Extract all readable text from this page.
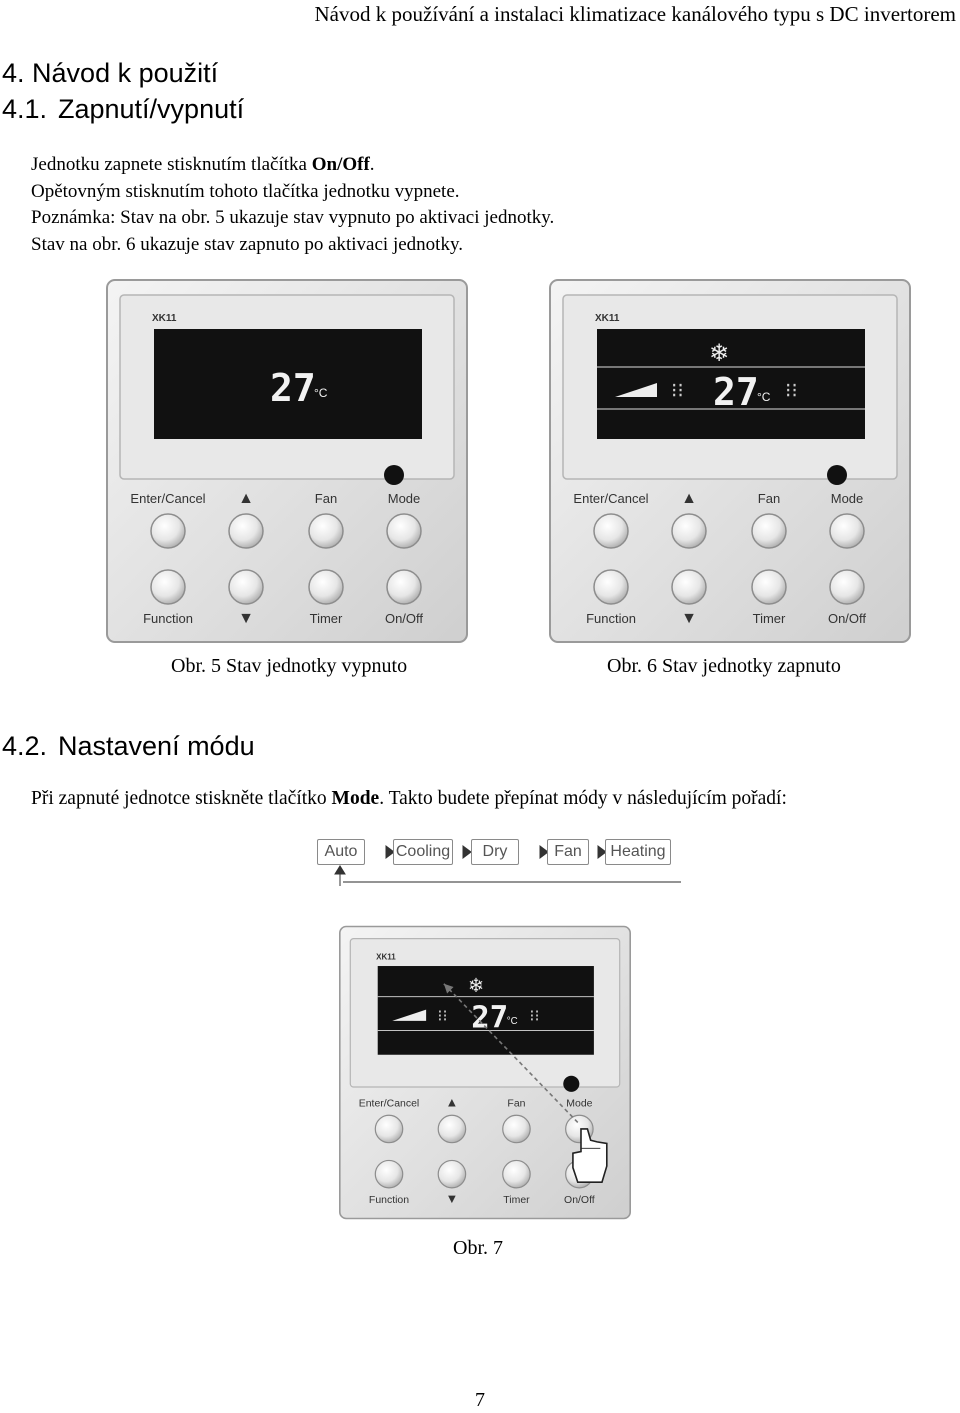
Návod k používání a instalaci klimatizace kanálového typu s DC invertorem
4. Návod k použití
4.1. Zapnutí/vypnutí
Jednotku zapnete stisknutím tlačítka On/Off.
Opětovným stisknutím tohoto tlačítka jednotku vypnete.
Poznámka: Stav na obr. 5 ukazuje stav vypnuto po aktivaci jednotky.
Stav na obr. 6 ukazuje stav zapnuto po aktivaci jednotky.
XK11
27
°C
Enter/Cancel ▲	Fan	Mode
Function	▼	Timer	On/Off
XK11
❄
⁝⁝	⁝⁝
27
°C
Enter/Cancel ▲	Fan	Mode
Function	▼	Timer	On/Off
Obr. 5 Stav jednotky vypnuto	Obr. 6 Stav jednotky zapnuto
4.2. Nastavení módu
Při zapnuté jednotce stiskněte tlačítko Mode. Takto budete přepínat módy v následujícím pořadí:
Auto	Cooling	Dry	Fan	Heating
XK11
❄
⁝⁝	⁝⁝
27
°C
Enter/Cancel ▲	Fan	Mode
Function ▼	Timer	On/Off
Obr. 7
7
